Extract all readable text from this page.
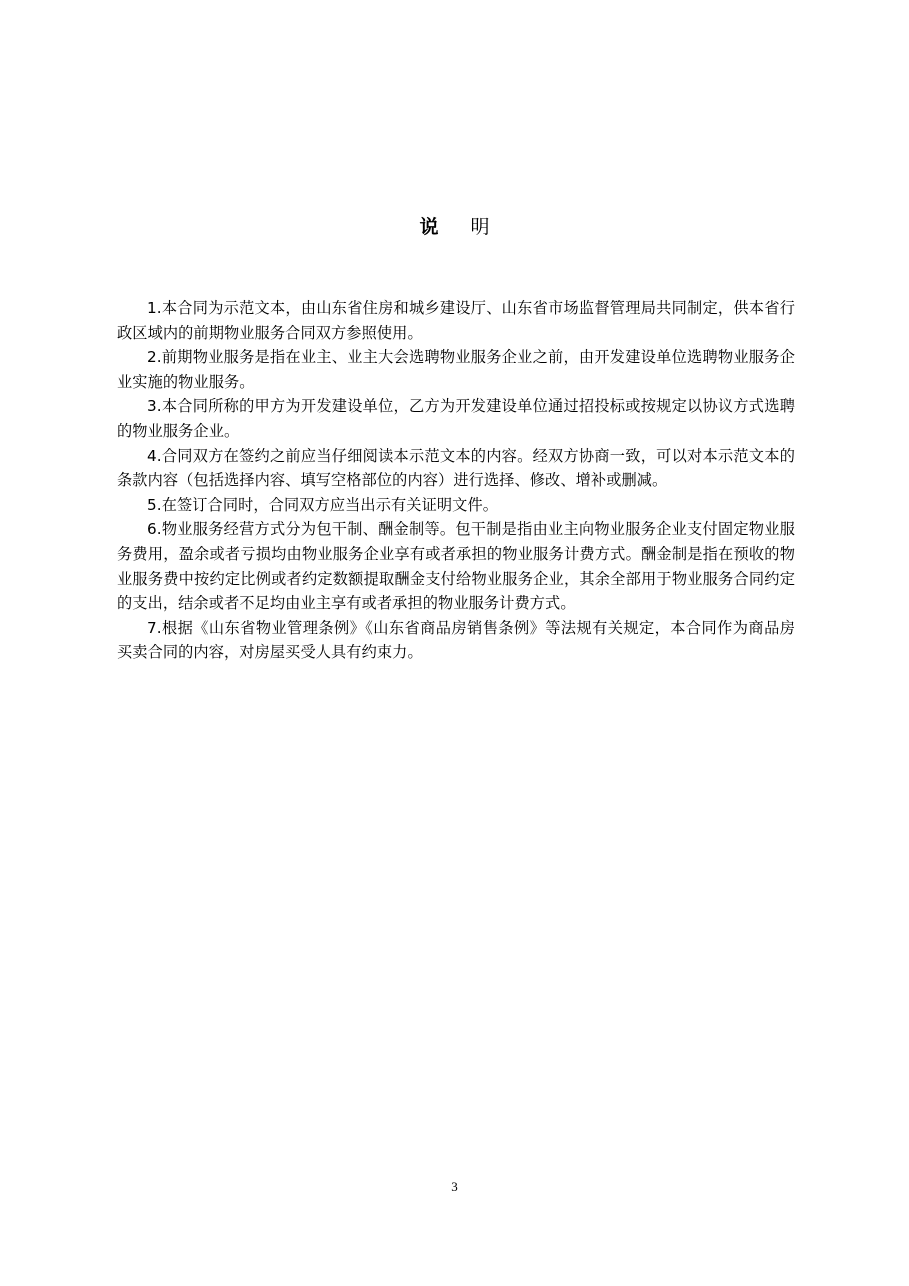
说 明

1.本合同为示范文本，由山东省住房和城乡建设厅、山东省市场监督管理局共同制定，供本省行政区域内的前期物业服务合同双方参照使用。

2.前期物业服务是指在业主、业主大会选聘物业服务企业之前，由开发建设单位选聘物业服务企业实施的物业服务。

3.本合同所称的甲方为开发建设单位，乙方为开发建设单位通过招投标或按规定以协议方式选聘的物业服务企业。

4.合同双方在签约之前应当仔细阅读本示范文本的内容。经双方协商一致，可以对本示范文本的条款内容（包括选择内容、填写空格部位的内容）进行选择、修改、增补或删减。

5.在签订合同时，合同双方应当出示有关证明文件。

6.物业服务经营方式分为包干制、酬金制等。包干制是指由业主向物业服务企业支付固定物业服务费用，盈余或者亏损均由物业服务企业享有或者承担的物业服务计费方式。酬金制是指在预收的物业服务费中按约定比例或者约定数额提取酬金支付给物业服务企业，其余全部用于物业服务合同约定的支出，结余或者不足均由业主享有或者承担的物业服务计费方式。

7.根据《山东省物业管理条例》《山东省商品房销售条例》等法规有关规定，本合同作为商品房买卖合同的内容，对房屋买受人具有约束力。

3
